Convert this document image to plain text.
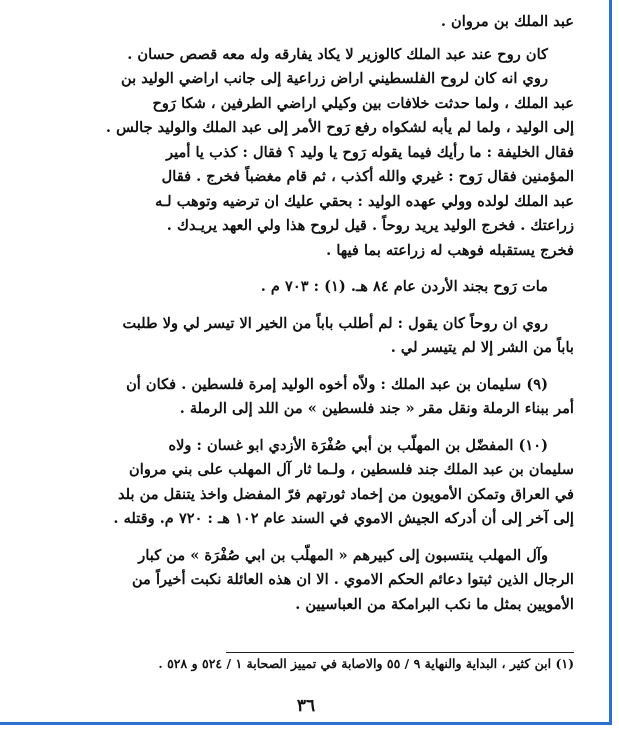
عبد الملك بن مروان .

كان روح عند عبد الملك كالوزير لا يكاد يفارقه وله معه قصص حسان .

روي انه كان لروح الفلسطيني اراض زراعية إلى جانب اراضي الوليد بن

عبد الملك ، ولما حدثت خلافات بين وكيلي اراضي الطرفين ، شكا رَوح

إلى الوليد ، ولما لم يأبه لشكواه رفع رَوح الأمر إلى عبد الملك والوليد جالس .

فقال الخليفة : ما رأيك فيما يقوله رَوح يا وليد ؟ فقال : كذب يا أمير

المؤمنين فقال رَوح : غيري والله أكذب ، ثم قام مغضباً فخرج . فقال

عبد الملك لولده وولي عهده الوليد : بحقي عليك ان ترضيه وتوهب لـه

زراعتك . فخرج الوليد يريد روحاً . قيل لروح هذا ولي العهد يريـدك .

فخرج يستقبله فوهب له زراعته بما فيها .

مات رَوح بجند الأردن عام ٨٤ هـ. (١) : ٧٠٣ م .

روي ان روحاً كان يقول : لم أطلب باباً من الخير الا تيسر لي ولا طلبت

باباً من الشر إلا لم يتيسر لي .

(٩) سليمان بن عبد الملك : ولاّه أخوه الوليد إمرة فلسطين . فكان أن

أمر ببناء الرملة ونقل مقر « جند فلسطين » من اللد إلى الرملة .

(١٠) المفضّل بن المهلّب بن أبي صُفْرَة الأزدي ابو غسان : ولاه

سليمان بن عبد الملك جند فلسطين ، ولـما ثار آل المهلب على بني مروان

في العراق وتمكن الأمويون من إخماد ثورتهم فرّ المفضل واخذ يتنقل من بلد

إلى آخر إلى أن أدركه الجيش الاموي في السند عام ١٠٢ هـ : ٧٢٠ م. وقتله .

وآل المهلب ينتسبون إلى كبيرهم « المهلّب بن ابي صُفْرَة » من كبار

الرجال الذين ثبتوا دعائم الحكم الاموي . الا ان هذه العائلة نكبت أخيراً من

الأمويين بمثل ما نكب البرامكة من العباسيين .

(١) ابن كثير ، البداية والنهاية ٩ / ٥٥ والاصابة في تمييز الصحابة ١ / ٥٢٤ و ٥٢٨ .
٣٦
